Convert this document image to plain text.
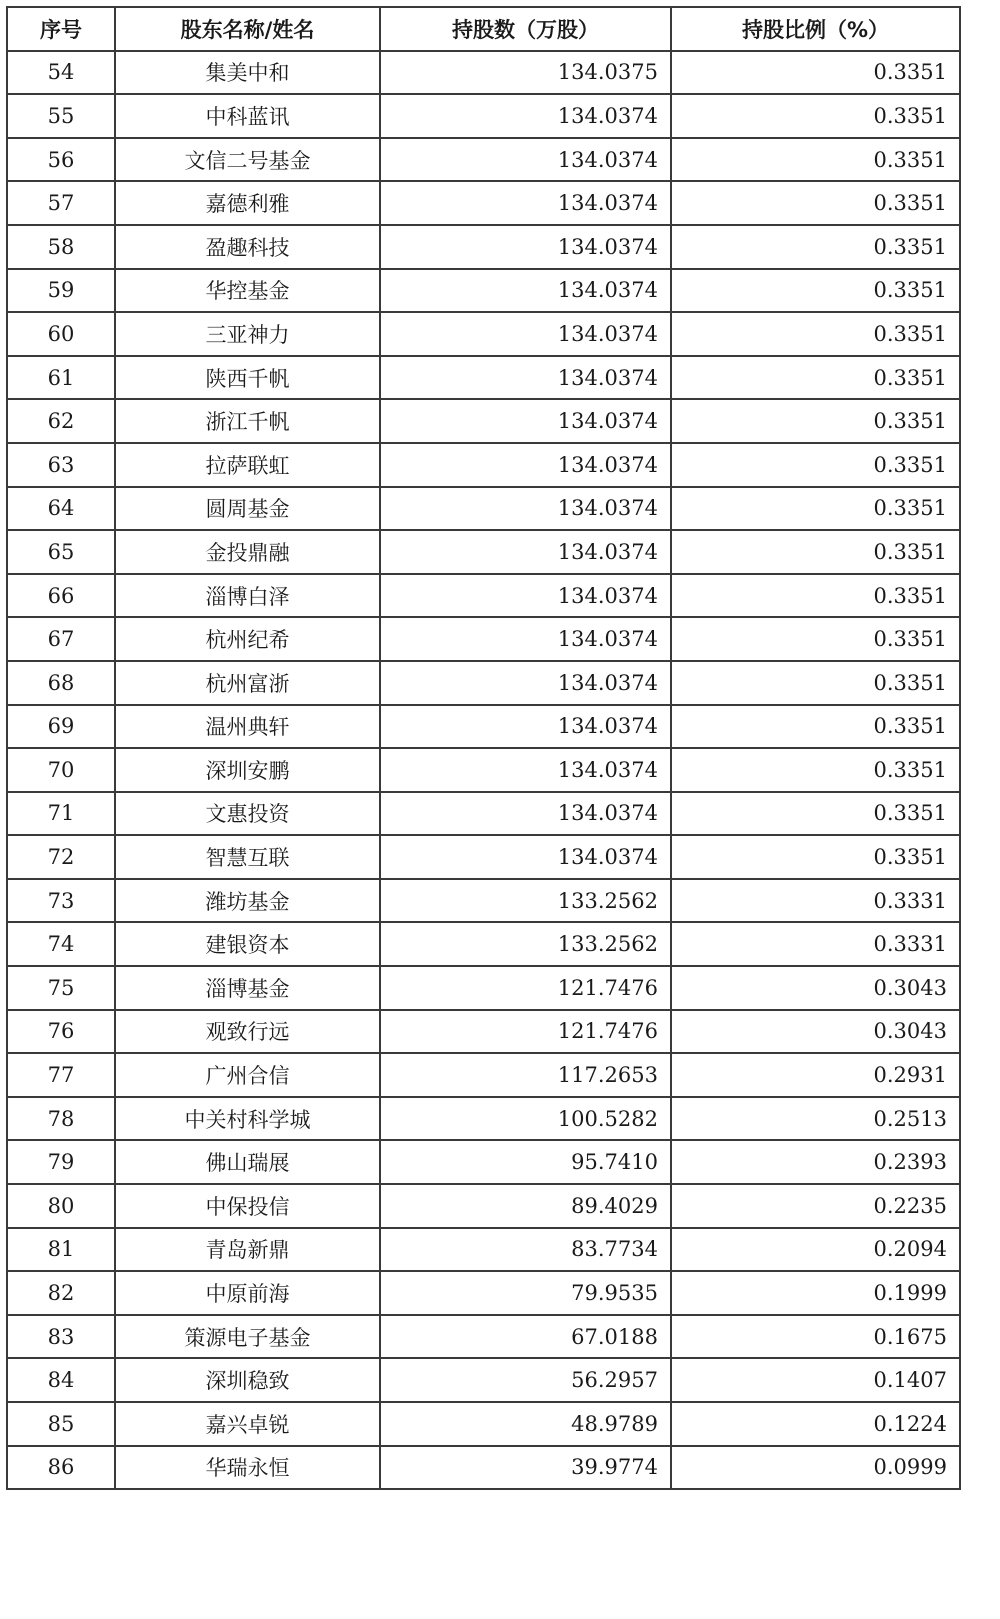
序号	股东名称/姓名	持股数（万股）	持股比例（%）
54	集美中和	134.0375	0.3351
55	中科蓝讯	134.0374	0.3351
56	文信二号基金	134.0374	0.3351
57	嘉德利雅	134.0374	0.3351
58	盈趣科技	134.0374	0.3351
59	华控基金	134.0374	0.3351
60	三亚神力	134.0374	0.3351
61	陕西千帆	134.0374	0.3351
62	浙江千帆	134.0374	0.3351
63	拉萨联虹	134.0374	0.3351
64	圆周基金	134.0374	0.3351
65	金投鼎融	134.0374	0.3351
66	淄博白泽	134.0374	0.3351
67	杭州纪希	134.0374	0.3351
68	杭州富浙	134.0374	0.3351
69	温州典轩	134.0374	0.3351
70	深圳安鹏	134.0374	0.3351
71	文惠投资	134.0374	0.3351
72	智慧互联	134.0374	0.3351
73	潍坊基金	133.2562	0.3331
74	建银资本	133.2562	0.3331
75	淄博基金	121.7476	0.3043
76	观致行远	121.7476	0.3043
77	广州合信	117.2653	0.2931
78	中关村科学城	100.5282	0.2513
79	佛山瑞展	95.7410	0.2393
80	中保投信	89.4029	0.2235
81	青岛新鼎	83.7734	0.2094
82	中原前海	79.9535	0.1999
83	策源电子基金	67.0188	0.1675
84	深圳稳致	56.2957	0.1407
85	嘉兴卓锐	48.9789	0.1224
86	华瑞永恒	39.9774	0.0999
